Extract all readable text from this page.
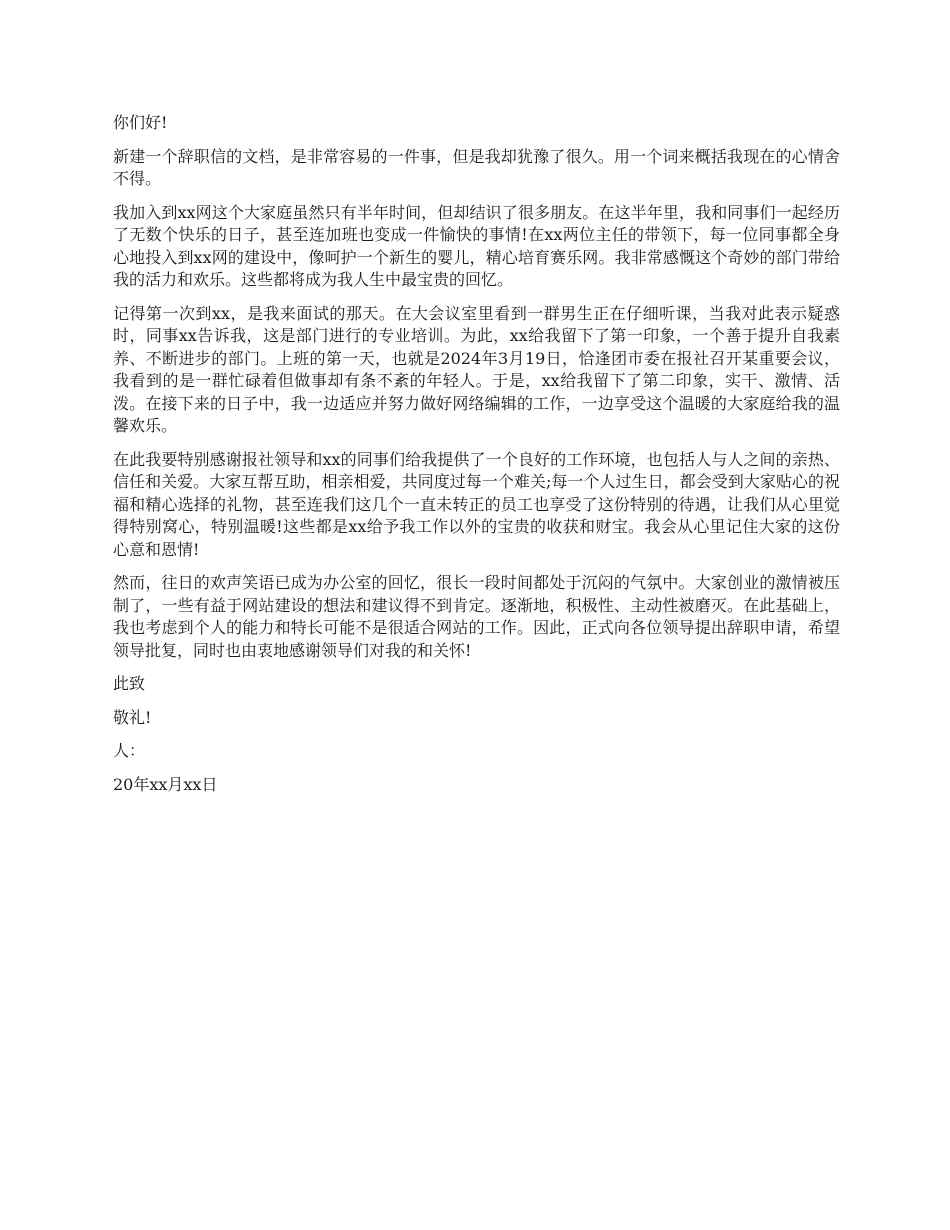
你们好!

新建一个辞职信的文档，是非常容易的一件事，但是我却犹豫了很久。用一个词来概括我现在的心情舍不得。

我加入到xx网这个大家庭虽然只有半年时间，但却结识了很多朋友。在这半年里，我和同事们一起经历了无数个快乐的日子，甚至连加班也变成一件愉快的事情!在xx两位主任的带领下，每一位同事都全身心地投入到xx网的建设中，像呵护一个新生的婴儿，精心培育赛乐网。我非常感慨这个奇妙的部门带给我的活力和欢乐。这些都将成为我人生中最宝贵的回忆。

记得第一次到xx，是我来面试的那天。在大会议室里看到一群男生正在仔细听课，当我对此表示疑惑时，同事xx告诉我，这是部门进行的专业培训。为此，xx给我留下了第一印象，一个善于提升自我素养、不断进步的部门。上班的第一天，也就是2024年3月19日，恰逢团市委在报社召开某重要会议，我看到的是一群忙碌着但做事却有条不紊的年轻人。于是，xx给我留下了第二印象，实干、激情、活泼。在接下来的日子中，我一边适应并努力做好网络编辑的工作，一边享受这个温暖的大家庭给我的温馨欢乐。

在此我要特别感谢报社领导和xx的同事们给我提供了一个良好的工作环境，也包括人与人之间的亲热、信任和关爱。大家互帮互助，相亲相爱，共同度过每一个难关;每一个人过生日，都会受到大家贴心的祝福和精心选择的礼物，甚至连我们这几个一直未转正的员工也享受了这份特别的待遇，让我们从心里觉得特别窝心，特别温暖!这些都是xx给予我工作以外的宝贵的收获和财宝。我会从心里记住大家的这份心意和恩情!

然而，往日的欢声笑语已成为办公室的回忆，很长一段时间都处于沉闷的气氛中。大家创业的激情被压制了，一些有益于网站建设的想法和建议得不到肯定。逐渐地，积极性、主动性被磨灭。在此基础上，我也考虑到个人的能力和特长可能不是很适合网站的工作。因此，正式向各位领导提出辞职申请，希望领导批复，同时也由衷地感谢领导们对我的和关怀!

此致

敬礼!

人：

20年xx月xx日
